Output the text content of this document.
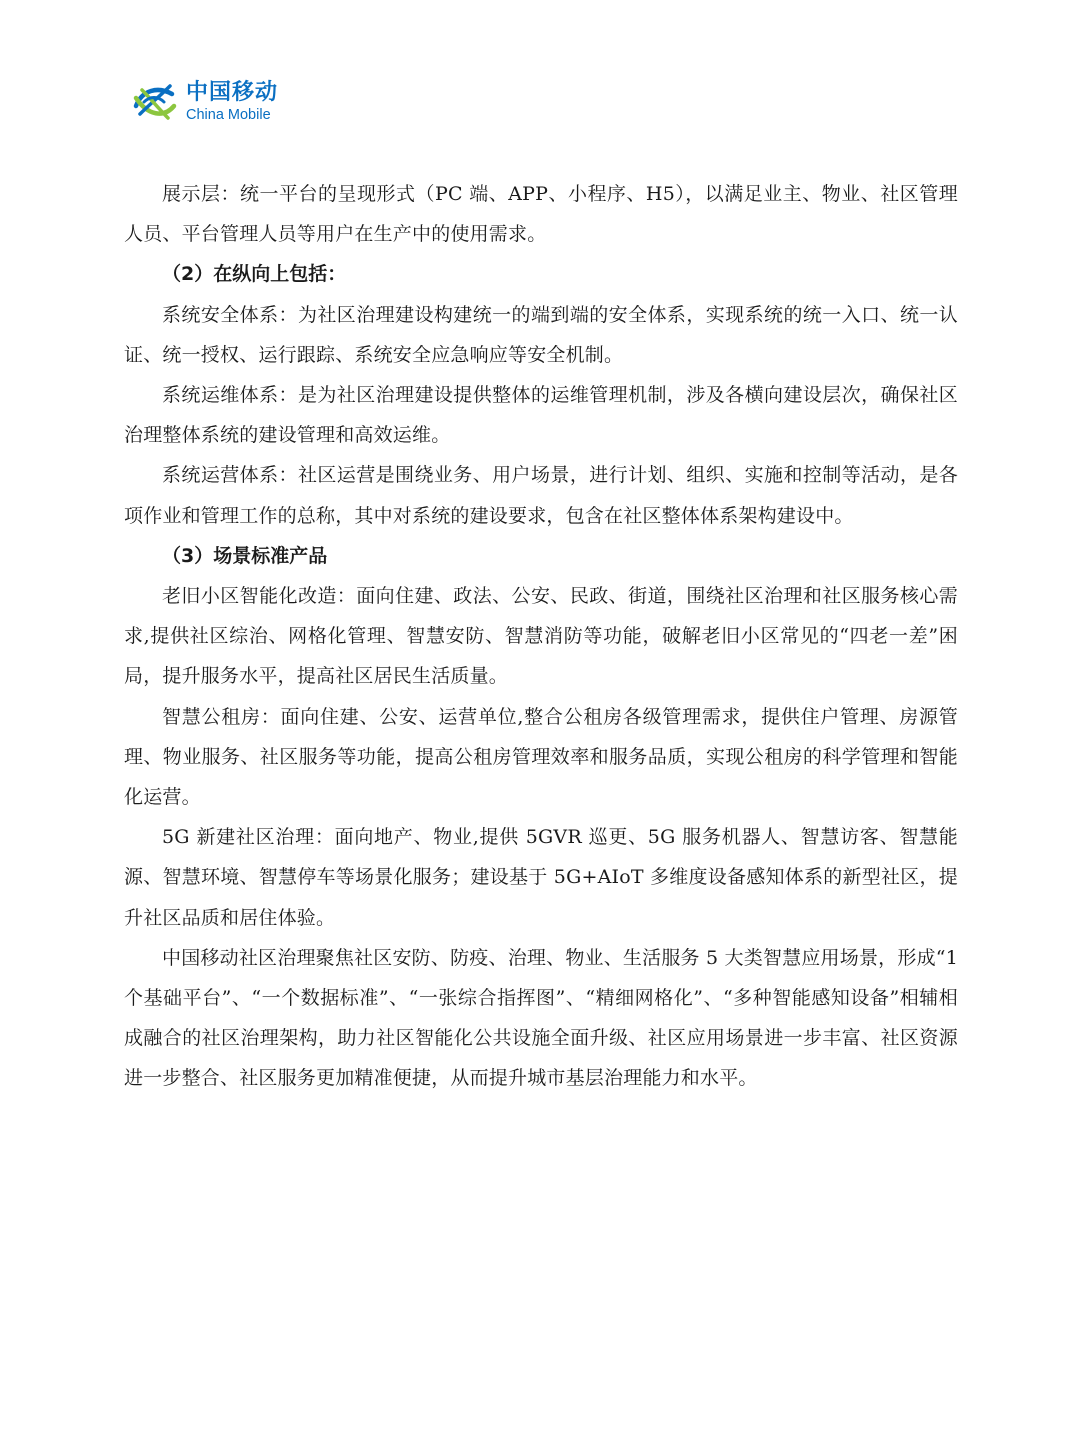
中国移动
China Mobile

展示层：统一平台的呈现形式（PC 端、APP、小程序、H5），以满足业主、物业、社区管理人员、平台管理人员等用户在生产中的使用需求。

（2）在纵向上包括：

系统安全体系：为社区治理建设构建统一的端到端的安全体系，实现系统的统一入口、统一认证、统一授权、运行跟踪、系统安全应急响应等安全机制。

系统运维体系：是为社区治理建设提供整体的运维管理机制，涉及各横向建设层次，确保社区治理整体系统的建设管理和高效运维。

系统运营体系：社区运营是围绕业务、用户场景，进行计划、组织、实施和控制等活动，是各项作业和管理工作的总称，其中对系统的建设要求，包含在社区整体体系架构建设中。

（3）场景标准产品

老旧小区智能化改造：面向住建、政法、公安、民政、街道，围绕社区治理和社区服务核心需求,提供社区综治、网格化管理、智慧安防、智慧消防等功能，破解老旧小区常见的“四老一差”困局，提升服务水平，提高社区居民生活质量。

智慧公租房：面向住建、公安、运营单位,整合公租房各级管理需求，提供住户管理、房源管理、物业服务、社区服务等功能，提高公租房管理效率和服务品质，实现公租房的科学管理和智能化运营。

5G 新建社区治理：面向地产、物业,提供 5GVR 巡更、5G 服务机器人、智慧访客、智慧能源、智慧环境、智慧停车等场景化服务；建设基于 5G+AIoT 多维度设备感知体系的新型社区，提升社区品质和居住体验。

中国移动社区治理聚焦社区安防、防疫、治理、物业、生活服务 5 大类智慧应用场景，形成“1 个基础平台”、“一个数据标准”、“一张综合指挥图”、“精细网格化”、“多种智能感知设备”相辅相成融合的社区治理架构，助力社区智能化公共设施全面升级、社区应用场景进一步丰富、社区资源进一步整合、社区服务更加精准便捷，从而提升城市基层治理能力和水平。
